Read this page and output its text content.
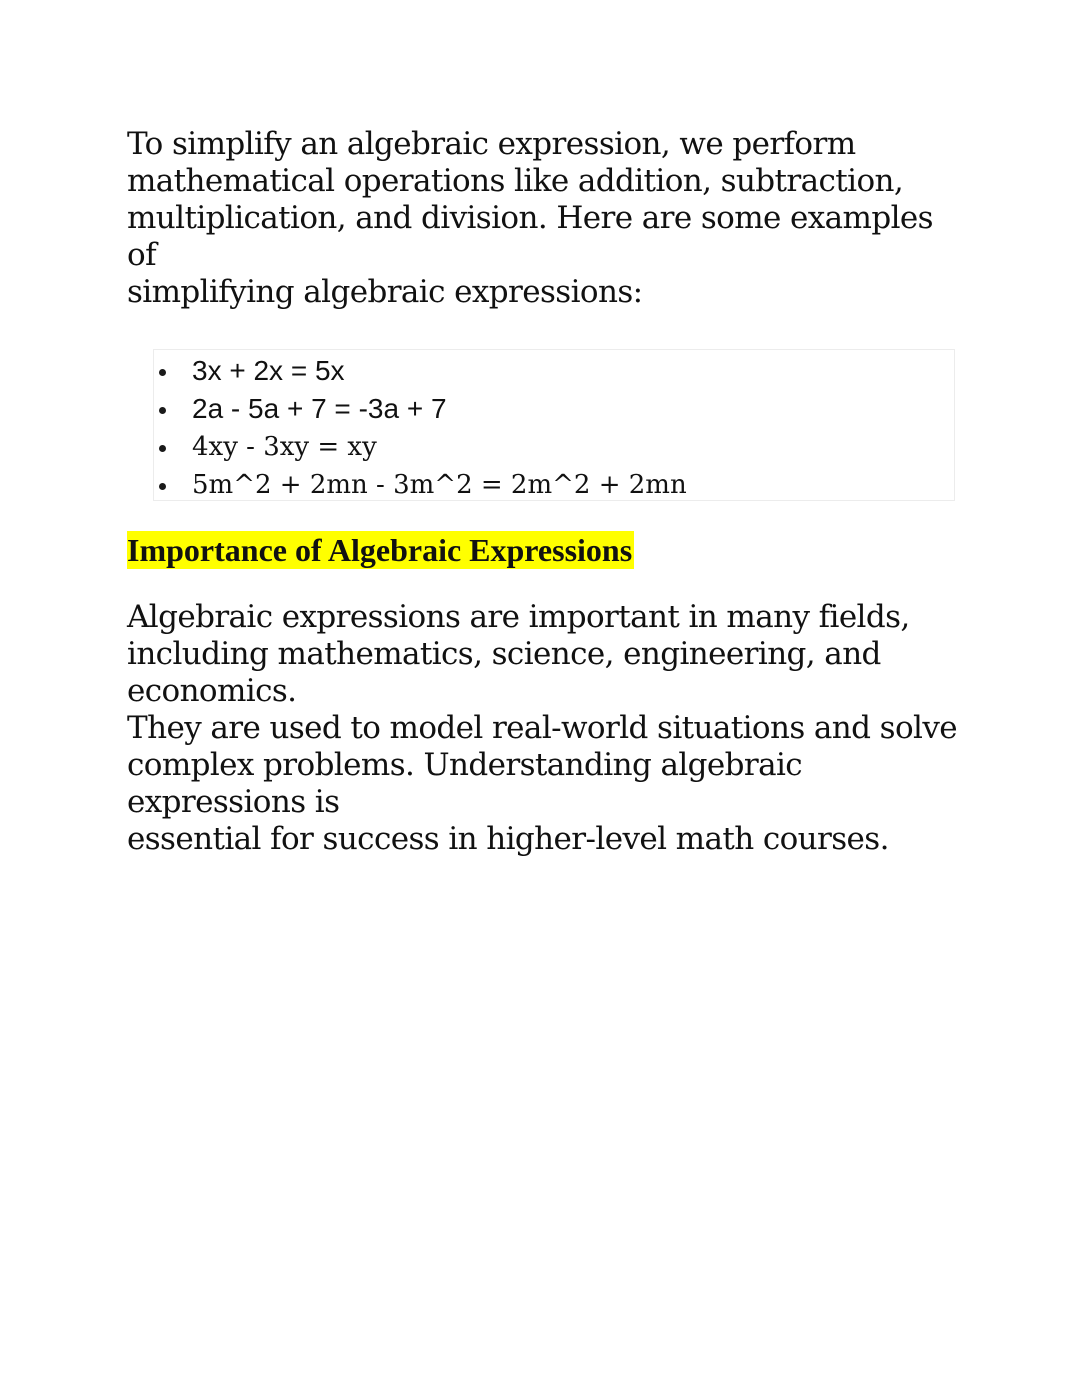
To simplify an algebraic expression, we perform
mathematical operations like addition, subtraction,
multiplication, and division. Here are some examples of
simplifying algebraic expressions:

3x + 2x = 5x
2a - 5a + 7 = -3a + 7
4xy - 3xy = xy
5m^2 + 2mn - 3m^2 = 2m^2 + 2mn
Importance of Algebraic Expressions

Algebraic expressions are important in many fields,
including mathematics, science, engineering, and economics.
They are used to model real-world situations and solve
complex problems. Understanding algebraic expressions is
essential for success in higher-level math courses.
